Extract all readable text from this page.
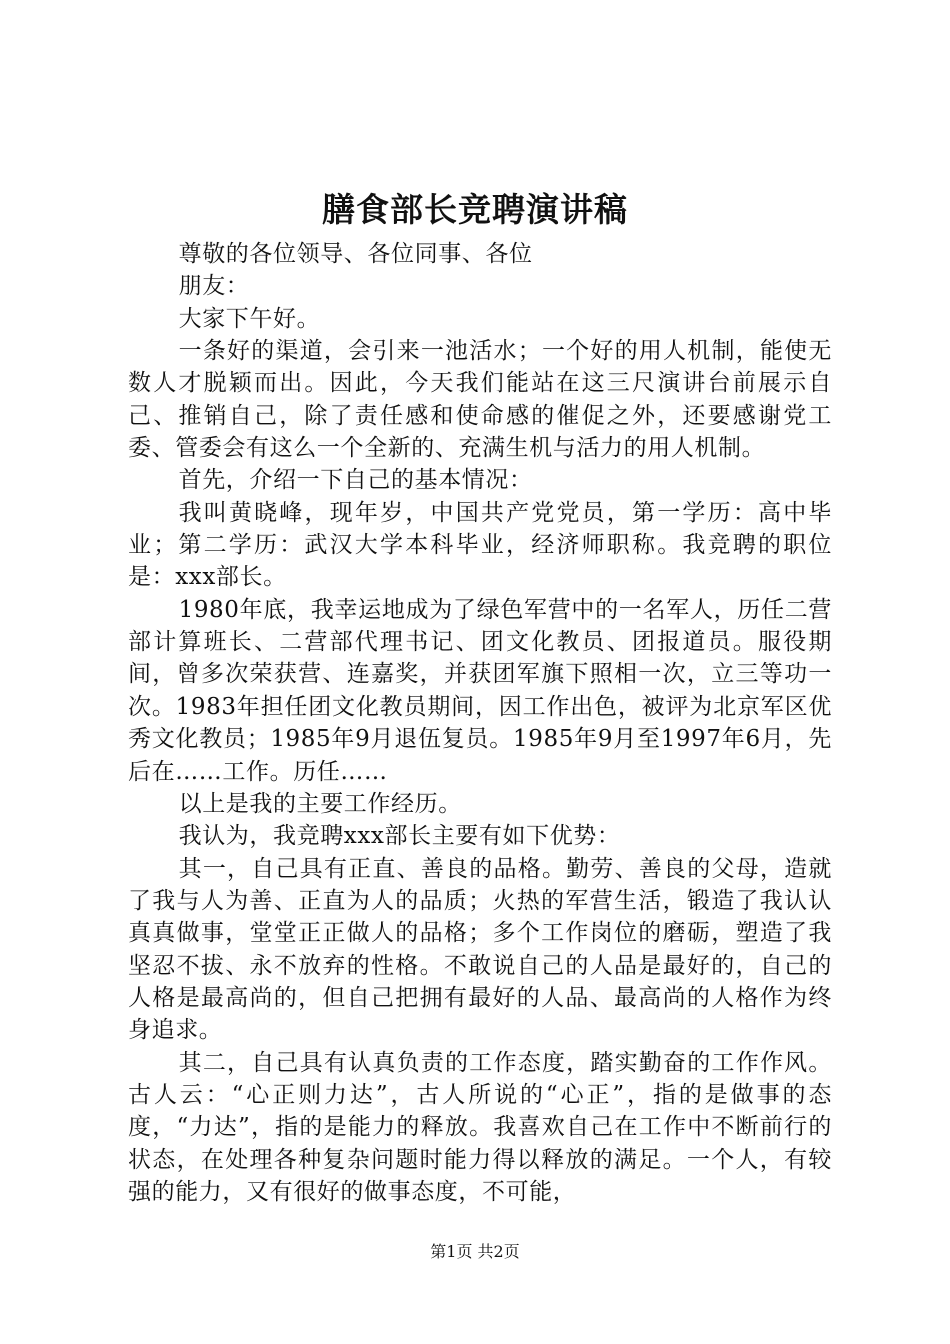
膳食部长竞聘演讲稿

尊敬的各位领导、各位同事、各位

朋友：

大家下午好。

一条好的渠道，会引来一池活水；一个好的用人机制，能使无数人才脱颖而出。因此，今天我们能站在这三尺演讲台前展示自己、推销自己，除了责任感和使命感的催促之外，还要感谢党工委、管委会有这么一个全新的、充满生机与活力的用人机制。

首先，介绍一下自己的基本情况：

我叫黄晓峰，现年岁，中国共产党党员，第一学历：高中毕业；第二学历：武汉大学本科毕业，经济师职称。我竞聘的职位是：xxx部长。

1980年底，我幸运地成为了绿色军营中的一名军人，历任二营部计算班长、二营部代理书记、团文化教员、团报道员。服役期间，曾多次荣获营、连嘉奖，并获团军旗下照相一次，立三等功一次。1983年担任团文化教员期间，因工作出色，被评为北京军区优秀文化教员；1985年9月退伍复员。1985年9月至1997年6月，先后在……工作。历任……

以上是我的主要工作经历。

我认为，我竞聘xxx部长主要有如下优势：

其一，自己具有正直、善良的品格。勤劳、善良的父母，造就了我与人为善、正直为人的品质；火热的军营生活，锻造了我认认真真做事，堂堂正正做人的品格；多个工作岗位的磨砺，塑造了我坚忍不拔、永不放弃的性格。不敢说自己的人品是最好的，自己的人格是最高尚的，但自己把拥有最好的人品、最高尚的人格作为终身追求。

其二，自己具有认真负责的工作态度，踏实勤奋的工作作风。古人云：“心正则力达”，古人所说的“心正”，指的是做事的态度，“力达”，指的是能力的释放。我喜欢自己在工作中不断前行的状态，在处理各种复杂问题时能力得以释放的满足。一个人，有较强的能力，又有很好的做事态度，不可能，

第1页 共2页
